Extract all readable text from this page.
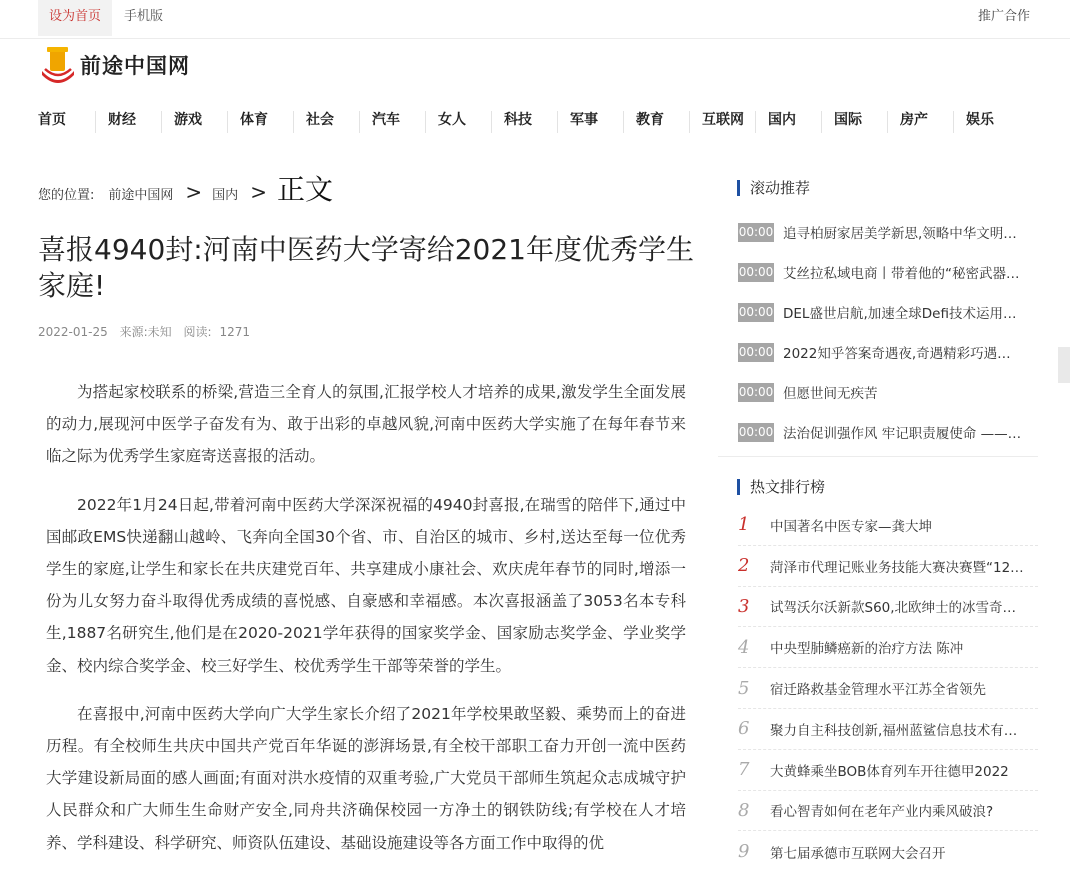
设为首页	手机版	推广合作
前途中国网
首页	财经	游戏	体育	社会	汽车	女人	科技	军事	教育	互联网	国内	国际	房产	娱乐
您的位置: 前途中国网 > 国内 > 正文
喜报4940封:河南中医药大学寄给2021年度优秀学生家庭!
2022-01-25 来源:未知 阅读: 1271

为搭起家校联系的桥梁,营造三全育人的氛围,汇报学校人才培养的成果,激发学生全面发展的动力,展现河中医学子奋发有为、敢于出彩的卓越风貌,河南中医药大学实施了在每年春节来临之际为优秀学生家庭寄送喜报的活动。

2022年1月24日起,带着河南中医药大学深深祝福的4940封喜报,在瑞雪的陪伴下,通过中国邮政EMS快递翻山越岭、飞奔向全国30个省、市、自治区的城市、乡村,送达至每一位优秀学生的家庭,让学生和家长在共庆建党百年、共享建成小康社会、欢庆虎年春节的同时,增添一份为儿女努力奋斗取得优秀成绩的喜悦感、自豪感和幸福感。本次喜报涵盖了3053名本专科生,1887名研究生,他们是在2020-2021学年获得的国家奖学金、国家励志奖学金、学业奖学金、校内综合奖学金、校三好学生、校优秀学生干部等荣誉的学生。

在喜报中,河南中医药大学向广大学生家长介绍了2021年学校果敢坚毅、乘势而上的奋进历程。有全校师生共庆中国共产党百年华诞的澎湃场景,有全校干部职工奋力开创一流中医药大学建设新局面的感人画面;有面对洪水疫情的双重考验,广大党员干部师生筑起众志成城守护人民群众和广大师生生命财产安全,同舟共济确保校园一方净土的钢铁防线;有学校在人才培养、学科建设、科学研究、师资队伍建设、基础设施建设等各方面工作中取得的优

滚动推荐
00:00 追寻柏厨家居美学新思,领略中华文明…
00:00 艾丝拉私域电商丨带着他的“秘密武器…
00:00 DEL盛世启航,加速全球Defi技术运用…
00:00 2022知乎答案奇遇夜,奇遇精彩巧遇…
00:00 但愿世间无疾苦
00:00 法治促训强作风 牢记职责履使命 ——…
热文排行榜
1	中国著名中医专家—龚大坤
2	菏泽市代理记账业务技能大赛决赛暨“12…
3	试驾沃尔沃新款S60,北欧绅士的冰雪奇…
4	中央型肺鳞癌新的治疗方法 陈冲
5	宿迁路救基金管理水平江苏全省领先
6	聚力自主科技创新,福州蓝鲨信息技术有…
7	大黄蜂乘坐BOB体育列车开往德甲2022
8	看心智青如何在老年产业内乘风破浪?
9	第七届承德市互联网大会召开
